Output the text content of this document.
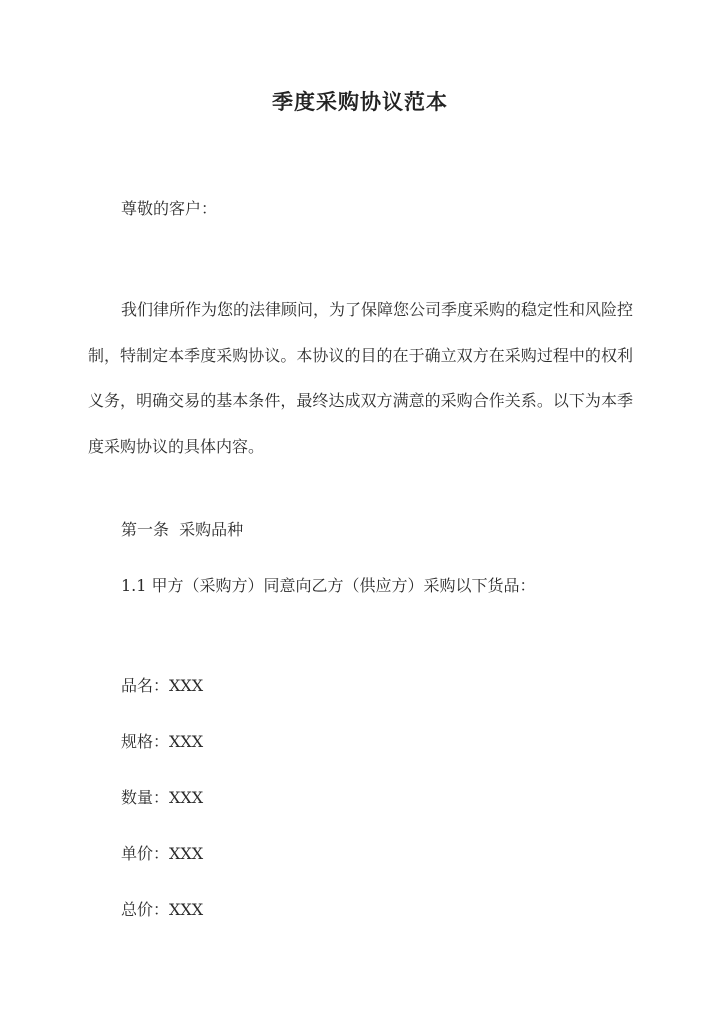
季度采购协议范本
尊敬的客户：

我们律所作为您的法律顾问，为了保障您公司季度采购的稳定性和风险控制，特制定本季度采购协议。本协议的目的在于确立双方在采购过程中的权利义务，明确交易的基本条件，最终达成双方满意的采购合作关系。以下为本季度采购协议的具体内容。

第一条  采购品种
1.1 甲方（采购方）同意向乙方（供应方）采购以下货品：
品名：XXX
规格：XXX
数量：XXX
单价：XXX
总价：XXX
